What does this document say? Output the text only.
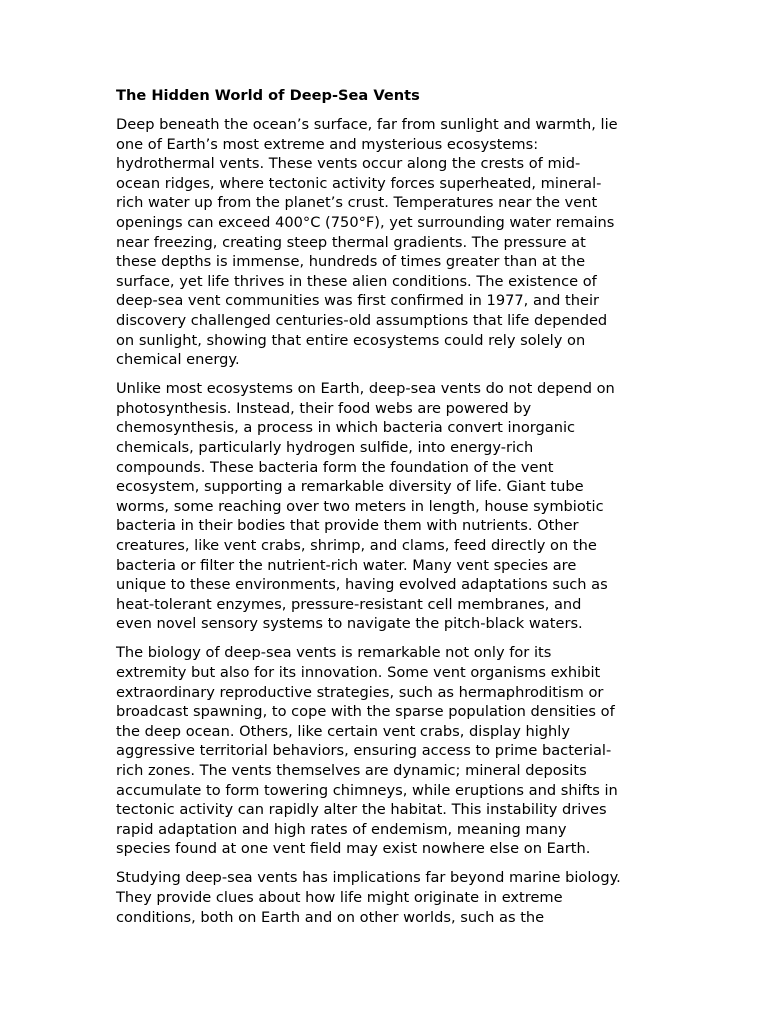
The Hidden World of Deep-Sea Vents
Deep beneath the ocean’s surface, far from sunlight and warmth, lie
one of Earth’s most extreme and mysterious ecosystems:
hydrothermal vents. These vents occur along the crests of mid-
ocean ridges, where tectonic activity forces superheated, mineral-
rich water up from the planet’s crust. Temperatures near the vent
openings can exceed 400°C (750°F), yet surrounding water remains
near freezing, creating steep thermal gradients. The pressure at
these depths is immense, hundreds of times greater than at the
surface, yet life thrives in these alien conditions. The existence of
deep-sea vent communities was first confirmed in 1977, and their
discovery challenged centuries-old assumptions that life depended
on sunlight, showing that entire ecosystems could rely solely on
chemical energy.
Unlike most ecosystems on Earth, deep-sea vents do not depend on
photosynthesis. Instead, their food webs are powered by
chemosynthesis, a process in which bacteria convert inorganic
chemicals, particularly hydrogen sulfide, into energy-rich
compounds. These bacteria form the foundation of the vent
ecosystem, supporting a remarkable diversity of life. Giant tube
worms, some reaching over two meters in length, house symbiotic
bacteria in their bodies that provide them with nutrients. Other
creatures, like vent crabs, shrimp, and clams, feed directly on the
bacteria or filter the nutrient-rich water. Many vent species are
unique to these environments, having evolved adaptations such as
heat-tolerant enzymes, pressure-resistant cell membranes, and
even novel sensory systems to navigate the pitch-black waters.
The biology of deep-sea vents is remarkable not only for its
extremity but also for its innovation. Some vent organisms exhibit
extraordinary reproductive strategies, such as hermaphroditism or
broadcast spawning, to cope with the sparse population densities of
the deep ocean. Others, like certain vent crabs, display highly
aggressive territorial behaviors, ensuring access to prime bacterial-
rich zones. The vents themselves are dynamic; mineral deposits
accumulate to form towering chimneys, while eruptions and shifts in
tectonic activity can rapidly alter the habitat. This instability drives
rapid adaptation and high rates of endemism, meaning many
species found at one vent field may exist nowhere else on Earth.
Studying deep-sea vents has implications far beyond marine biology.
They provide clues about how life might originate in extreme
conditions, both on Earth and on other worlds, such as the
